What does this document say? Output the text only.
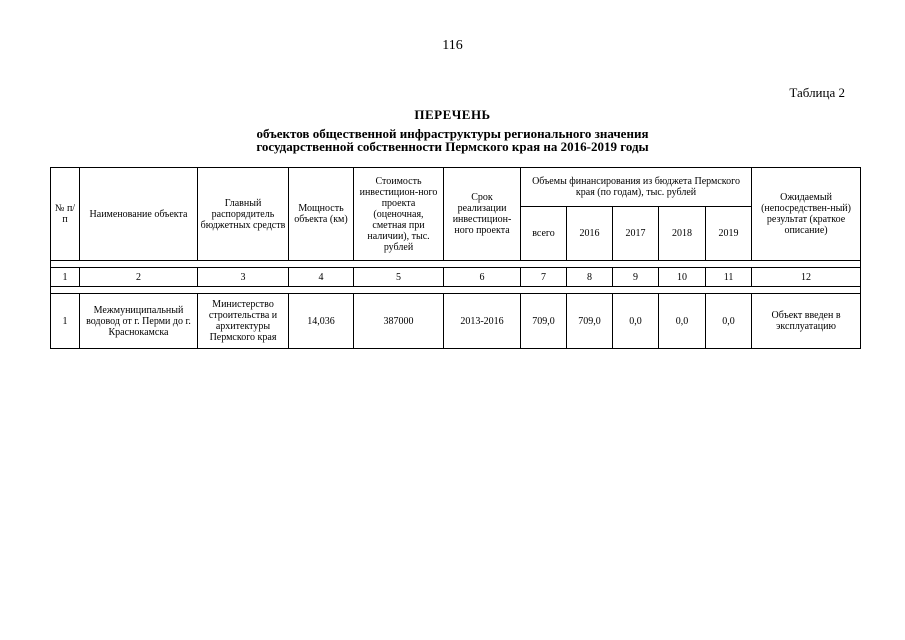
116
Таблица 2
ПЕРЕЧЕНЬ
объектов общественной инфраструктуры регионального значения
государственной собственности Пермского края на 2016-2019 годы
№ п/п	Наименование объекта	Главный распорядитель бюджетных средств	Мощность объекта (км)	Стоимость инвестицион-ного проекта (оценочная, сметная при наличии), тыс. рублей	Срок реализации инвестицион-ного проекта	Объемы финансирования из бюджета Пермского края (по годам), тыс. рублей					Ожидаемый (непосредствен-ный) результат (краткое описание)
						всего	2016	2017	2018	2019	

1	2	3	4	5	6	7	8	9	10	11	12

1	Межмуниципальный водовод от г. Перми до г. Краснокамска	Министерство строительства и архитектуры Пермского края	14,036	387000	2013-2016	709,0	709,0	0,0	0,0	0,0	Объект введен в эксплуатацию
